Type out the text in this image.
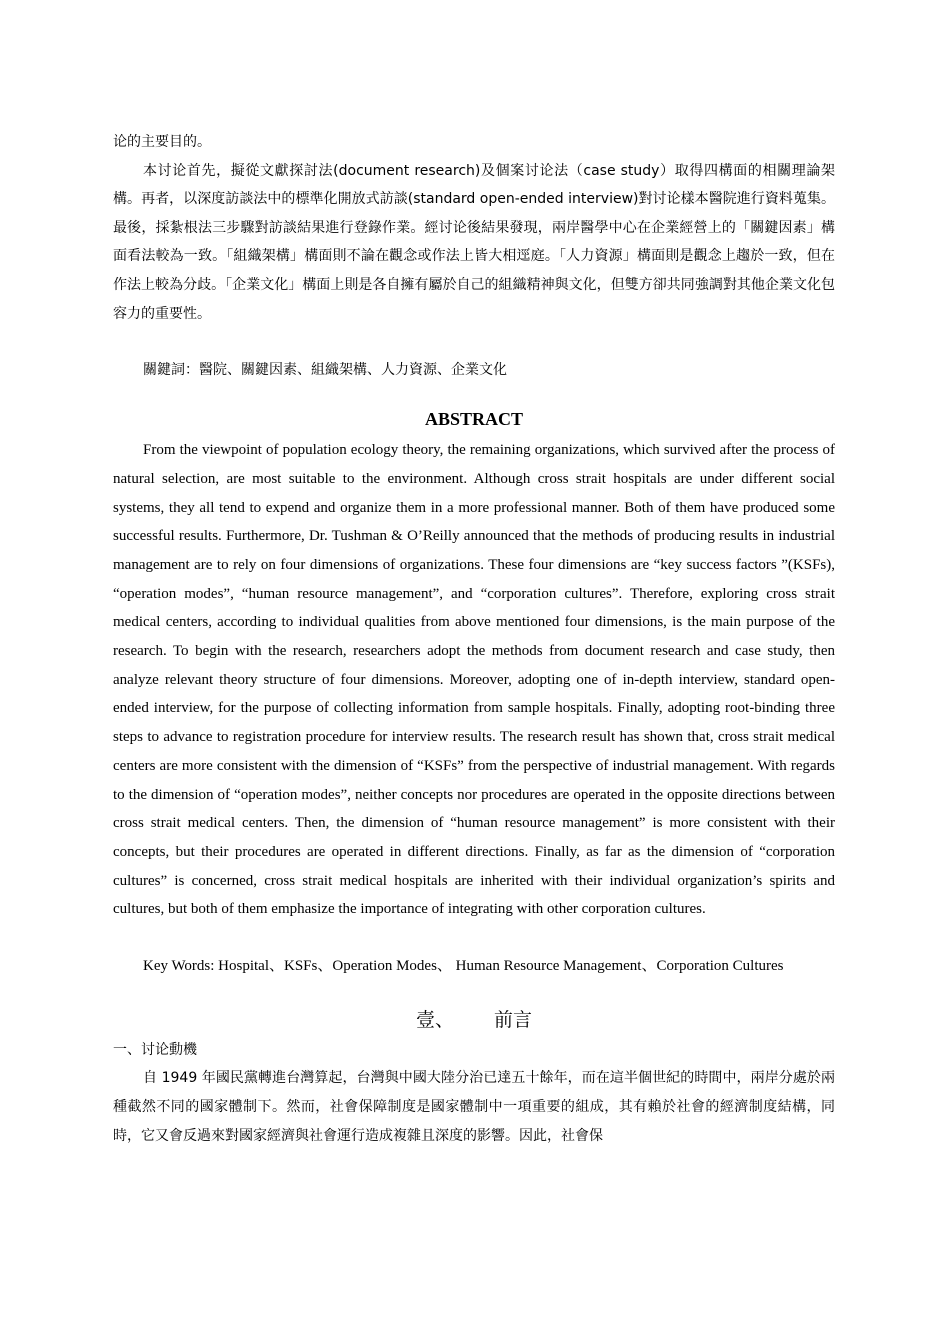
论的主要目的。

本讨论首先，擬從文獻探討法(document research)及個案讨论法（case study）取得四構面的相關理論架構。再者，以深度訪談法中的標準化開放式訪談(standard open-ended interview)對讨论樣本醫院進行資料蒐集。最後，採紮根法三步驟對訪談結果進行登錄作業。經讨论後結果發現，兩岸醫學中心在企業經營上的「關鍵因素」構面看法較為一致。「組織架構」構面則不論在觀念或作法上皆大相逕庭。「人力資源」構面則是觀念上趨於一致，但在作法上較為分歧。「企業文化」構面上則是各自擁有屬於自己的組織精神與文化，但雙方卻共同強調對其他企業文化包容力的重要性。

關鍵詞：醫院、關鍵因素、組織架構、人力資源、企業文化

ABSTRACT

From the viewpoint of population ecology theory, the remaining organizations, which survived after the process of natural selection, are most suitable to the environment. Although cross strait hospitals are under different social systems, they all tend to expend and organize them in a more professional manner. Both of them have produced some successful results. Furthermore, Dr. Tushman & O’Reilly announced that the methods of producing results in industrial management are to rely on four dimensions of organizations. These four dimensions are “key success factors ”(KSFs), “operation modes”, “human resource management”, and “corporation cultures”. Therefore, exploring cross strait medical centers, according to individual qualities from above mentioned four dimensions, is the main purpose of the research. To begin with the research, researchers adopt the methods from document research and case study, then analyze relevant theory structure of four dimensions. Moreover, adopting one of in-depth interview, standard open-ended interview, for the purpose of collecting information from sample hospitals. Finally, adopting root-binding three steps to advance to registration procedure for interview results. The research result has shown that, cross strait medical centers are more consistent with the dimension of “KSFs” from the perspective of industrial management. With regards to the dimension of “operation modes”, neither concepts nor procedures are operated in the opposite directions between cross strait medical centers. Then, the dimension of “human resource management” is more consistent with their concepts, but their procedures are operated in different directions. Finally, as far as the dimension of “corporation cultures” is concerned, cross strait medical hospitals are inherited with their individual organization’s spirits and cultures, but both of them emphasize the importance of integrating with other corporation cultures.

Key Words: Hospital、KSFs、Operation Modes、 Human Resource Management、Corporation Cultures

壹、 前言

一、讨论動機

自 1949 年國民黨轉進台灣算起，台灣與中國大陸分治已達五十餘年，而在這半個世紀的時間中，兩岸分處於兩種截然不同的國家體制下。然而，社會保障制度是國家體制中一項重要的組成，其有賴於社會的經濟制度結構，同時，它又會反過來對國家經濟與社會運行造成複雜且深度的影響。因此，社會保
